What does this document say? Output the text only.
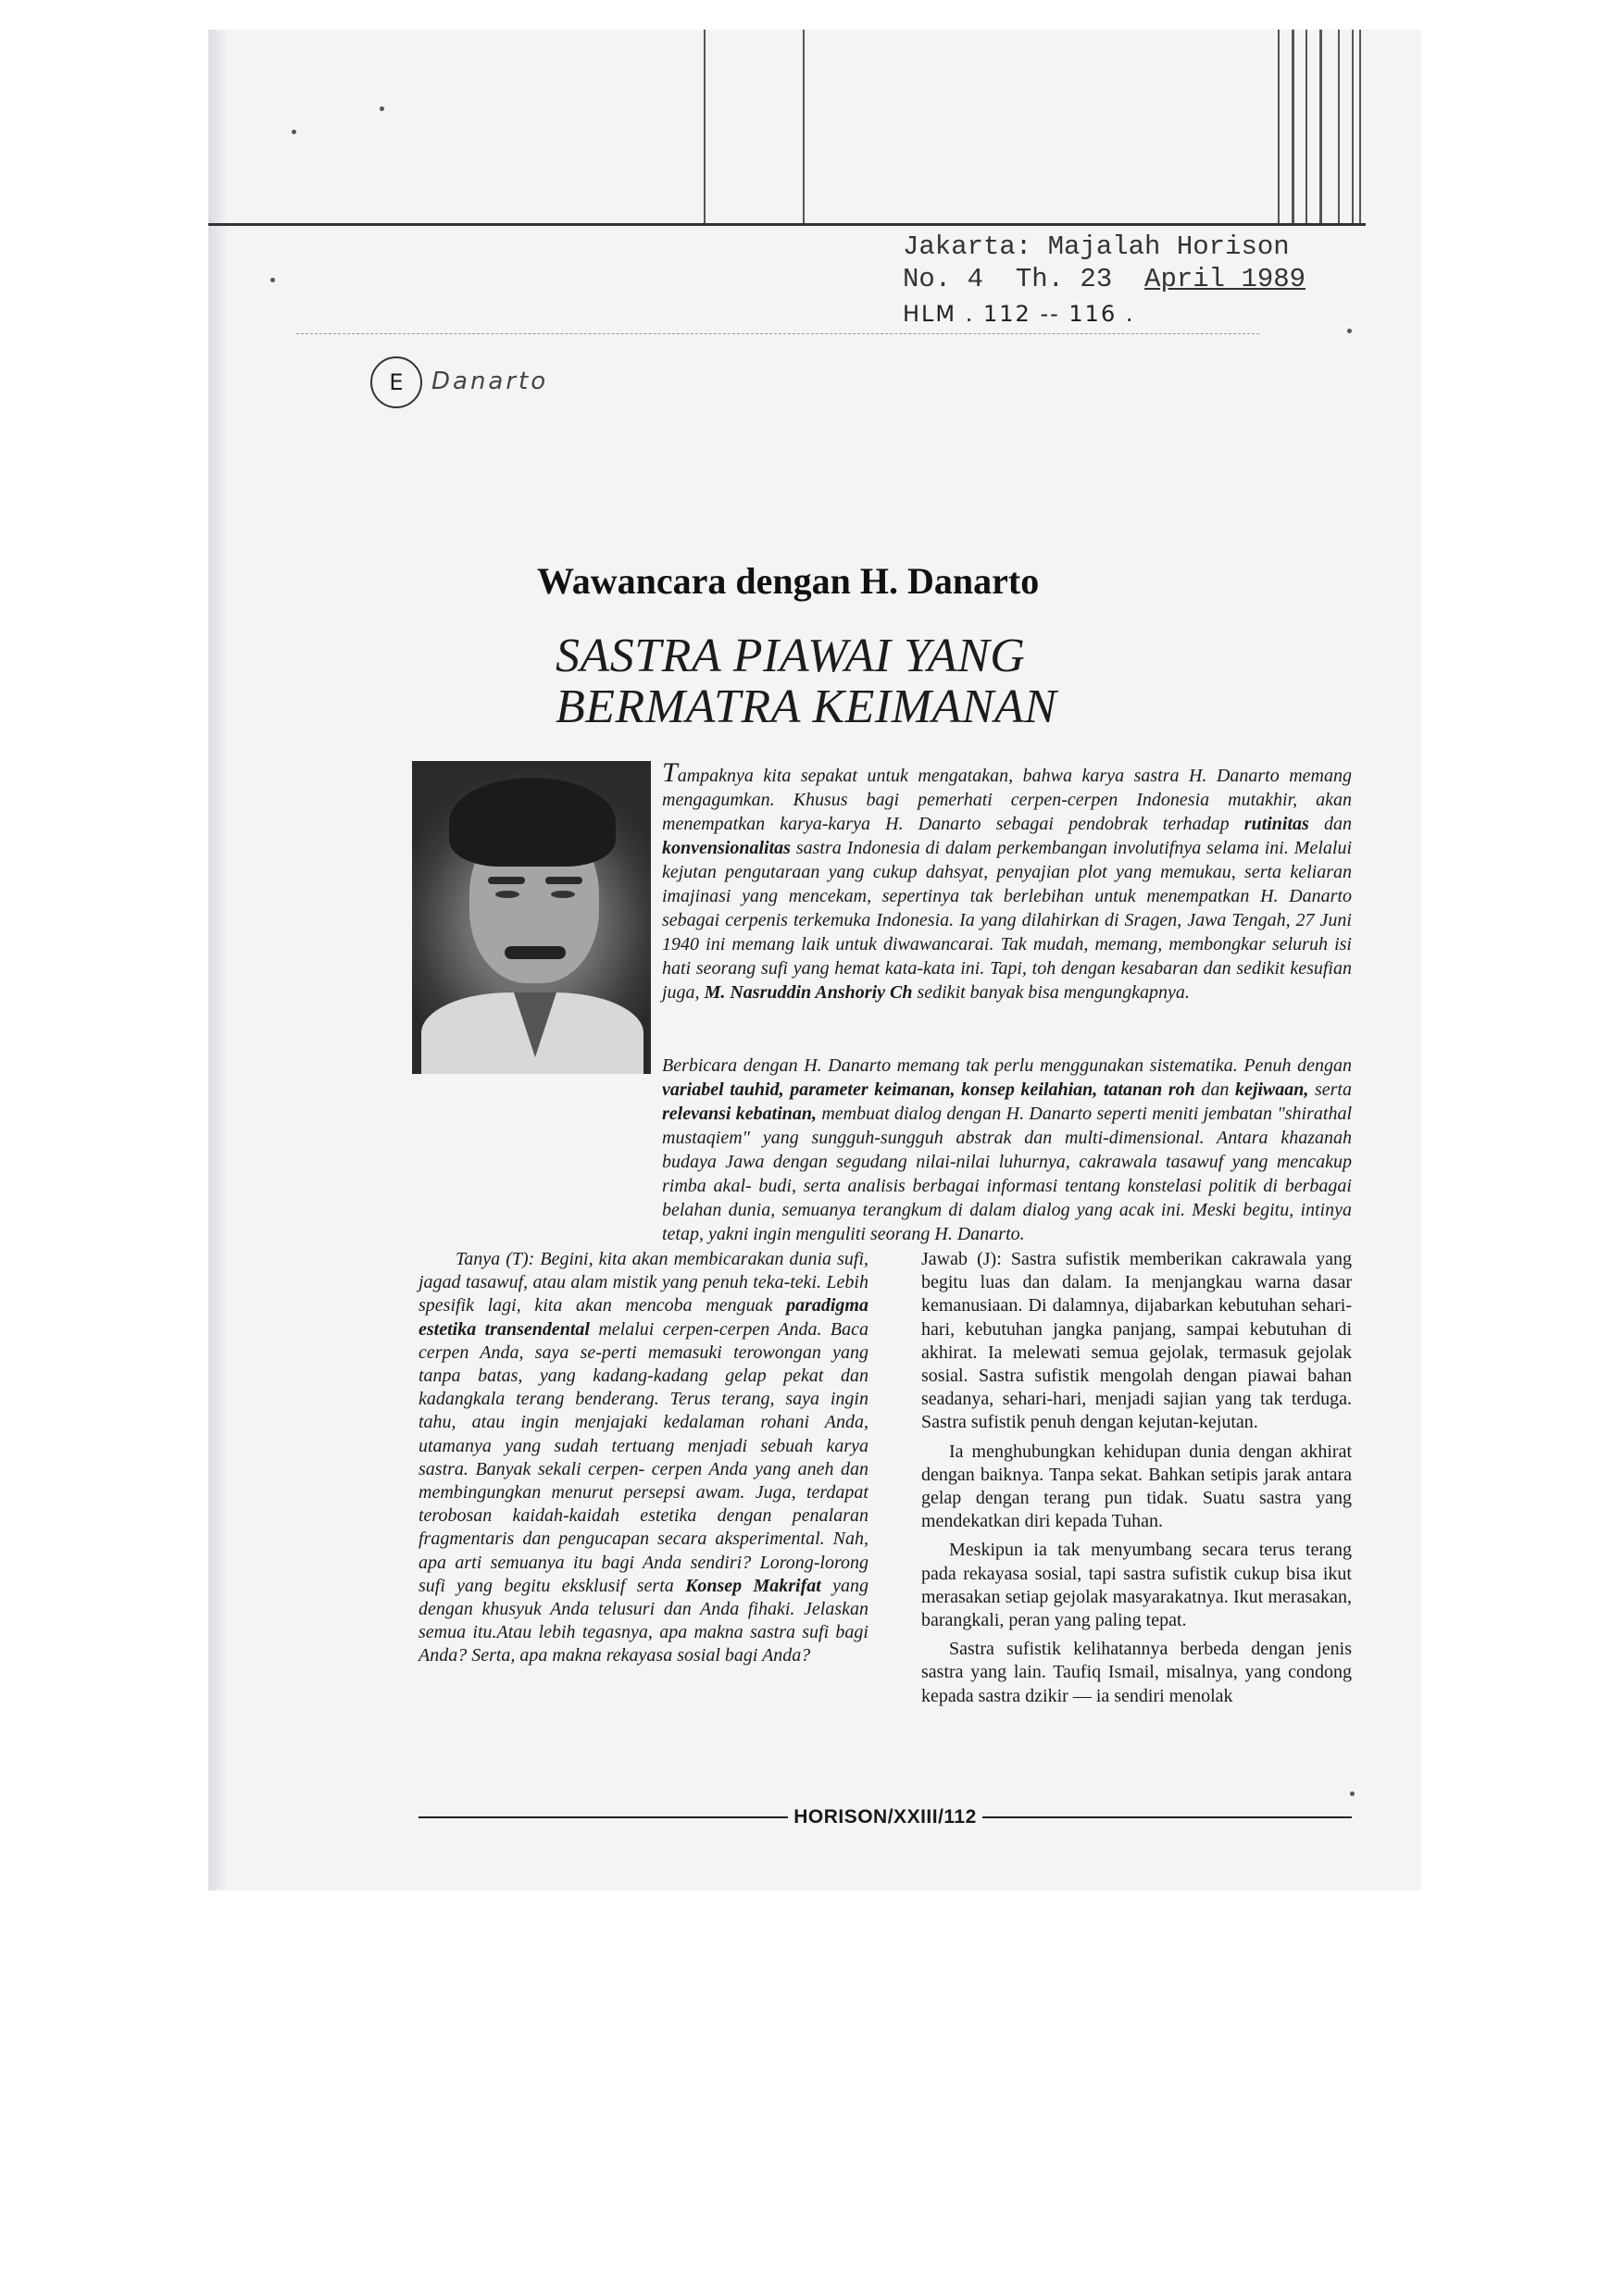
Jakarta: Majalah Horison
No. 4  Th. 23  April 1989
HLM . 112 -- 116 .
E	Danarto
Wawancara dengan H. Danarto
SASTRA PIAWAI YANG
BERMATRA KEIMANAN
Tampaknya kita sepakat untuk mengatakan, bahwa karya sastra H. Danarto memang mengagumkan. Khusus bagi pemerhati cerpen-cerpen Indonesia mutakhir, akan menempatkan karya-karya H. Danarto sebagai pendobrak terhadap rutinitas dan konvensionalitas sastra Indonesia di dalam perkembangan involutifnya selama ini. Melalui kejutan pengutaraan yang cukup dahsyat, penyajian plot yang memukau, serta keliaran imajinasi yang mencekam, sepertinya tak berlebihan untuk menempatkan H. Danarto sebagai cerpenis terkemuka Indonesia. Ia yang dilahirkan di Sragen, Jawa Tengah, 27 Juni 1940 ini memang laik untuk diwawancarai. Tak mudah, memang, membongkar seluruh isi hati seorang sufi yang hemat kata-kata ini. Tapi, toh dengan kesabaran dan sedikit kesufian juga, M. Nasruddin Anshoriy Ch sedikit banyak bisa mengungkapnya.

Berbicara dengan H. Danarto memang tak perlu menggunakan sistematika. Penuh dengan variabel tauhid, parameter keimanan, konsep keilahian, tatanan roh dan kejiwaan, serta relevansi kebatinan, membuat dialog dengan H. Danarto seperti meniti jembatan "shirathal mustaqiem" yang sungguh-sungguh abstrak dan multi-dimensional. Antara khazanah budaya Jawa dengan segudang nilai-nilai luhurnya, cakrawala tasawuf yang mencakup rimba akal- budi, serta analisis berbagai informasi tentang konstelasi politik di berbagai belahan dunia, semuanya terangkum di dalam dialog yang acak ini. Meski begitu, intinya tetap, yakni ingin menguliti seorang H. Danarto.

Tanya (T): Begini, kita akan membicarakan dunia sufi, jagad tasawuf, atau alam mistik yang penuh teka-teki. Lebih spesifik lagi, kita akan mencoba menguak paradigma estetika transendental melalui cerpen-cerpen Anda. Baca cerpen Anda, saya se-perti memasuki terowongan yang tanpa batas, yang kadang-kadang gelap pekat dan kadangkala terang benderang. Terus terang, saya ingin tahu, atau ingin menjajaki kedalaman rohani Anda, utamanya yang sudah tertuang menjadi sebuah karya sastra. Banyak sekali cerpen- cerpen Anda yang aneh dan membingungkan menurut persepsi awam. Juga, terdapat terobosan kaidah-kaidah estetika dengan penalaran fragmentaris dan pengucapan secara aksperimental. Nah, apa arti semuanya itu bagi Anda sendiri? Lorong-lorong sufi yang begitu eksklusif serta Konsep Makrifat yang dengan khusyuk Anda telusuri dan Anda fihaki. Jelaskan semua itu.Atau lebih tegasnya, apa makna sastra sufi bagi Anda? Serta, apa makna rekayasa sosial bagi Anda?

Jawab (J): Sastra sufistik memberikan cakrawala yang begitu luas dan dalam. Ia menjangkau warna dasar kemanusiaan. Di dalamnya, dijabarkan kebutuhan sehari-hari, kebutuhan jangka panjang, sampai kebutuhan di akhirat. Ia melewati semua gejolak, termasuk gejolak sosial. Sastra sufistik mengolah dengan piawai bahan seadanya, sehari-hari, menjadi sajian yang tak terduga. Sastra sufistik penuh dengan kejutan-kejutan.

Ia menghubungkan kehidupan dunia dengan akhirat dengan baiknya. Tanpa sekat. Bahkan setipis jarak antara gelap dengan terang pun tidak. Suatu sastra yang mendekatkan diri kepada Tuhan.

Meskipun ia tak menyumbang secara terus terang pada rekayasa sosial, tapi sastra sufistik cukup bisa ikut merasakan setiap gejolak masyarakatnya. Ikut merasakan, barangkali, peran yang paling tepat.

Sastra sufistik kelihatannya berbeda dengan jenis sastra yang lain. Taufiq Ismail, misalnya, yang condong kepada sastra dzikir — ia sendiri menolak

HORISON/XXIII/112
